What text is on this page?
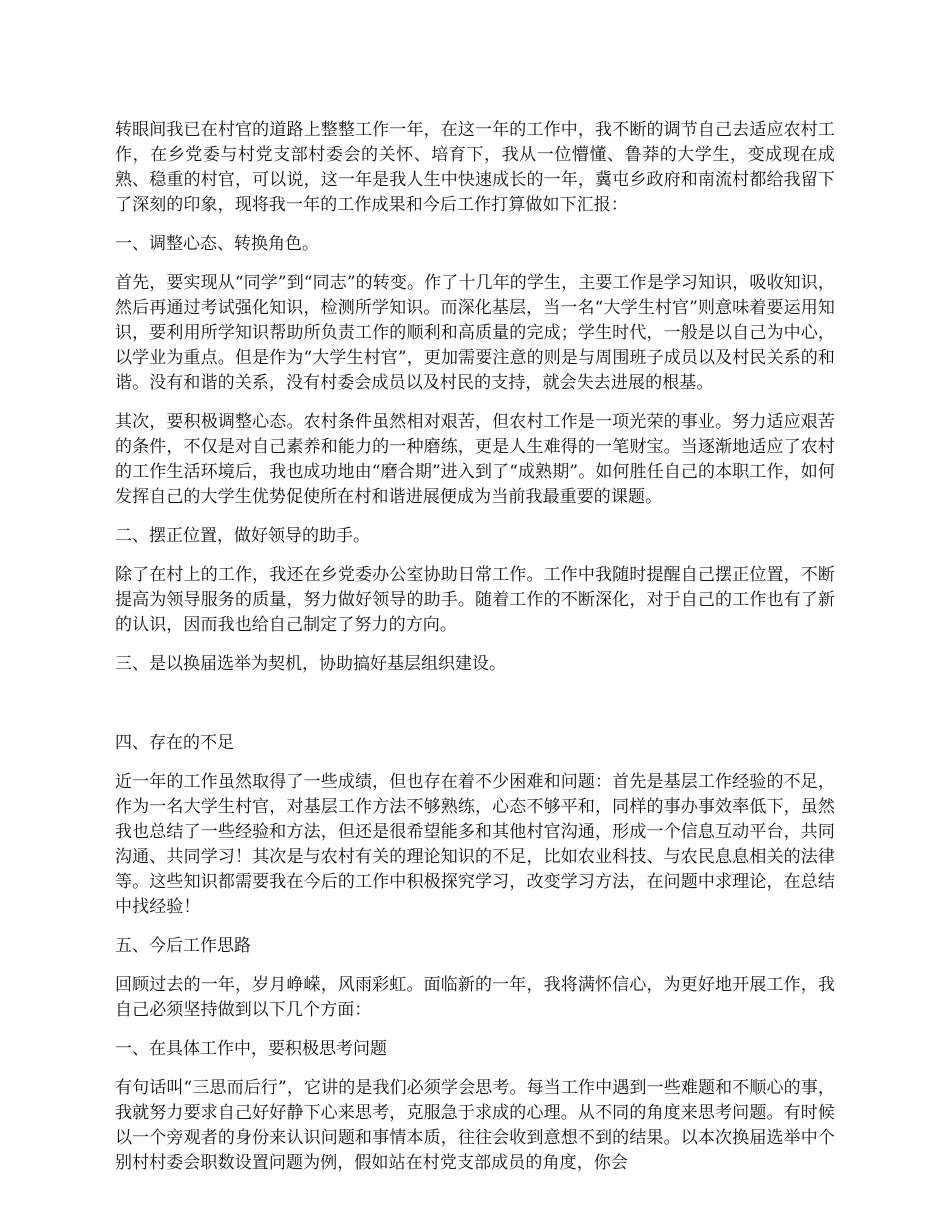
转眼间我已在村官的道路上整整工作一年，在这一年的工作中，我不断的调节自己去适应农村工作，在乡党委与村党支部村委会的关怀、培育下，我从一位懵懂、鲁莽的大学生，变成现在成熟、稳重的村官，可以说，这一年是我人生中快速成长的一年，冀屯乡政府和南流村都给我留下了深刻的印象，现将我一年的工作成果和今后工作打算做如下汇报：

一、调整心态、转换角色。

首先，要实现从“同学”到“同志”的转变。作了十几年的学生，主要工作是学习知识，吸收知识，然后再通过考试强化知识，检测所学知识。而深化基层，当一名“大学生村官”则意味着要运用知识，要利用所学知识帮助所负责工作的顺利和高质量的完成；学生时代，一般是以自己为中心，以学业为重点。但是作为“大学生村官”，更加需要注意的则是与周围班子成员以及村民关系的和谐。没有和谐的关系，没有村委会成员以及村民的支持，就会失去进展的根基。

其次，要积极调整心态。农村条件虽然相对艰苦，但农村工作是一项光荣的事业。努力适应艰苦的条件，不仅是对自己素养和能力的一种磨练，更是人生难得的一笔财宝。当逐渐地适应了农村的工作生活环境后，我也成功地由“磨合期”进入到了“成熟期”。如何胜任自己的本职工作，如何发挥自己的大学生优势促使所在村和谐进展便成为当前我最重要的课题。

二、摆正位置，做好领导的助手。

除了在村上的工作，我还在乡党委办公室协助日常工作。工作中我随时提醒自己摆正位置，不断提高为领导服务的质量，努力做好领导的助手。随着工作的不断深化，对于自己的工作也有了新的认识，因而我也给自己制定了努力的方向。

三、是以换届选举为契机，协助搞好基层组织建设。

四、存在的不足

近一年的工作虽然取得了一些成绩，但也存在着不少困难和问题：首先是基层工作经验的不足，作为一名大学生村官，对基层工作方法不够熟练，心态不够平和，同样的事办事效率低下，虽然我也总结了一些经验和方法，但还是很希望能多和其他村官沟通，形成一个信息互动平台，共同沟通、共同学习！其次是与农村有关的理论知识的不足，比如农业科技、与农民息息相关的法律等。这些知识都需要我在今后的工作中积极探究学习，改变学习方法，在问题中求理论，在总结中找经验！

五、今后工作思路

回顾过去的一年，岁月峥嵘，风雨彩虹。面临新的一年，我将满怀信心，为更好地开展工作，我自己必须坚持做到以下几个方面：

一、在具体工作中，要积极思考问题

有句话叫“三思而后行”，它讲的是我们必须学会思考。每当工作中遇到一些难题和不顺心的事，我就努力要求自己好好静下心来思考，克服急于求成的心理。从不同的角度来思考问题。有时候以一个旁观者的身份来认识问题和事情本质，往往会收到意想不到的结果。以本次换届选举中个别村村委会职数设置问题为例，假如站在村党支部成员的角度，你会
